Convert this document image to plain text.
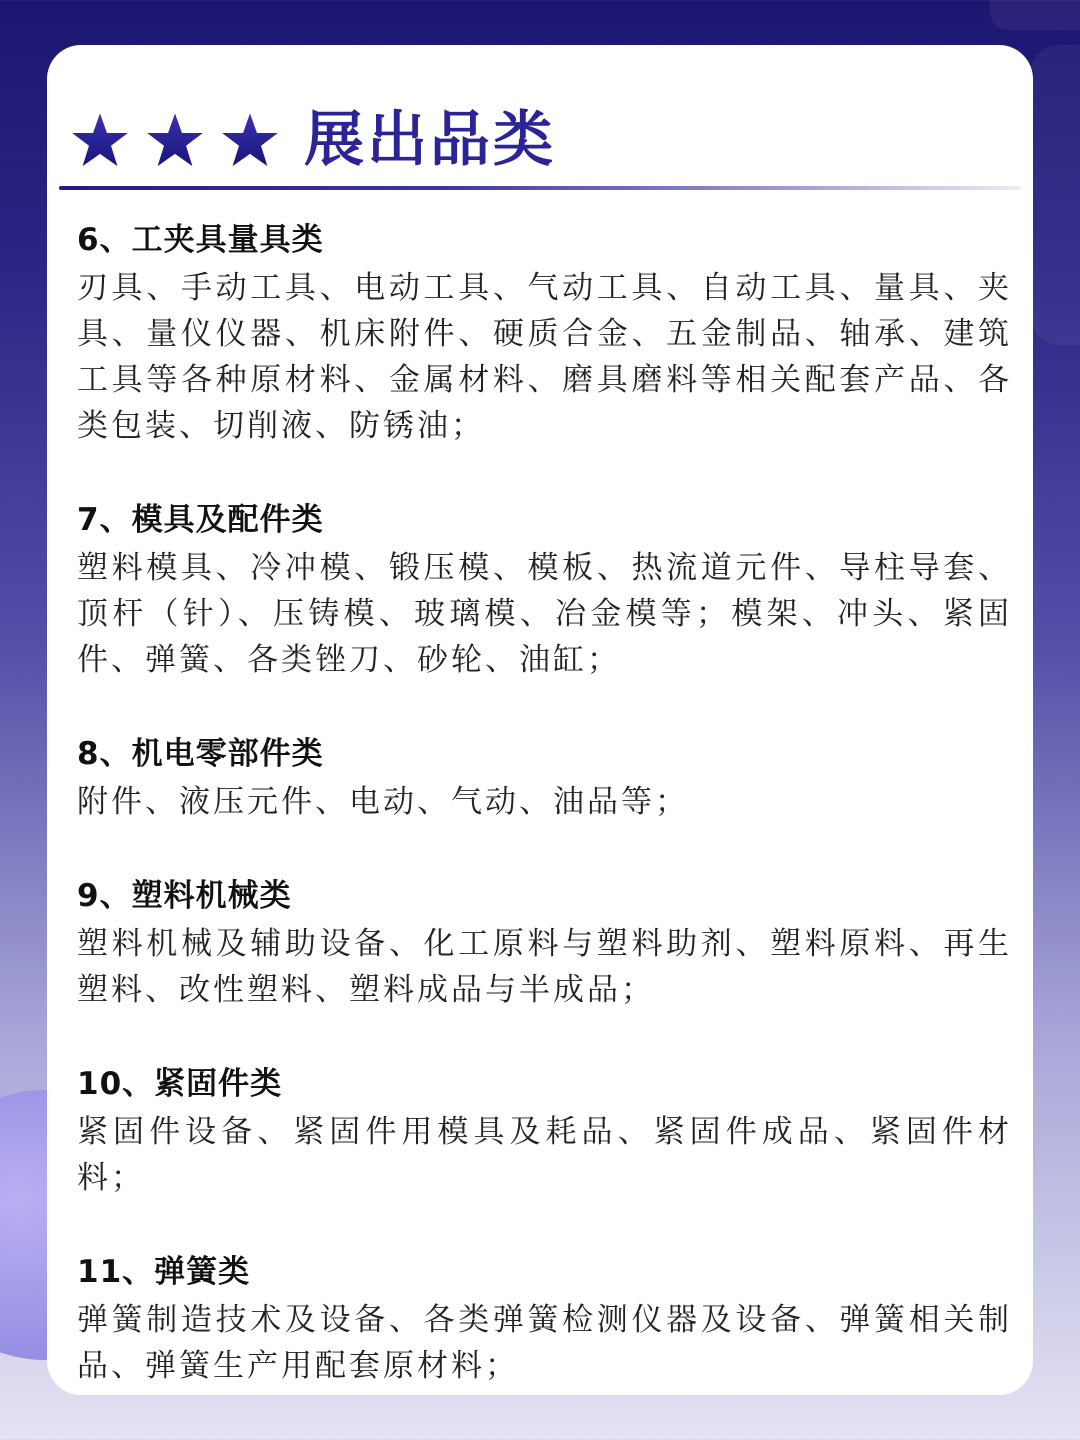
展出品类
6、工夹具量具类
刃具、手动工具、电动工具、气动工具、自动工具、量具、夹具、量仪仪器、机床附件、硬质合金、五金制品、轴承、建筑工具等各种原材料、金属材料、磨具磨料等相关配套产品、各类包装、切削液、防锈油；
7、模具及配件类
塑料模具、冷冲模、锻压模、模板、热流道元件、导柱导套、顶杆（针）、压铸模、玻璃模、冶金模等；模架、冲头、紧固件、弹簧、各类锉刀、砂轮、油缸；
8、机电零部件类
附件、液压元件、电动、气动、油品等；
9、塑料机械类
塑料机械及辅助设备、化工原料与塑料助剂、塑料原料、再生塑料、改性塑料、塑料成品与半成品；
10、紧固件类
紧固件设备、紧固件用模具及耗品、紧固件成品、紧固件材料；
11、弹簧类
弹簧制造技术及设备、各类弹簧检测仪器及设备、弹簧相关制品、弹簧生产用配套原材料；
